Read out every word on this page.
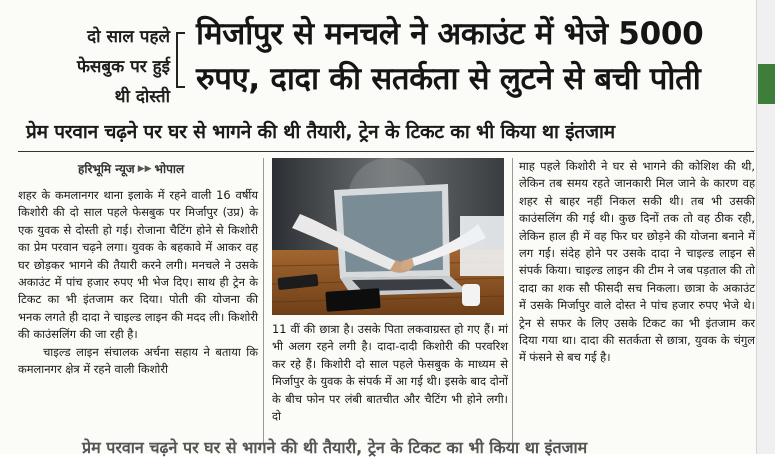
दो साल पहले
फेसबुक पर हुई
थी दोस्ती
मिर्जापुर से मनचले ने अकाउंट में भेजे 5000
रुपए, दादा की सतर्कता से लुटने से बची पोती
प्रेम परवान चढ़ने पर घर से भागने की थी तैयारी, ट्रेन के टिकट का भी किया था इंतजाम
हरिभूमि न्यूज ▶▶ भोपाल

शहर के कमलानगर थाना इलाके में रहने वाली 16 वर्षीय किशोरी की दो साल पहले फेसबुक पर मिर्जापुर (उप्र) के एक युवक से दोस्ती हो गई। रोजाना चैटिंग होने से किशोरी का प्रेम परवान चढ़ने लगा। युवक के बहकावे में आकर वह घर छोड़कर भागने की तैयारी करने लगी। मनचले ने उसके अकाउंट में पांच हजार रुपए भी भेज दिए। साथ ही ट्रेन के टिकट का भी इंतजाम कर दिया। पोती की योजना की भनक लगते ही दादा ने चाइल्ड लाइन की मदद ली। किशोरी की काउंसलिंग की जा रही है।

चाइल्ड लाइन संचालक अर्चना सहाय ने बताया कि कमलानगर क्षेत्र में रहने वाली किशोरी

11 वीं की छात्रा है। उसके पिता लकवाग्रस्त हो गए हैं। मां भी अलग रहने लगी है। दादा-दादी किशोरी की परवरिश कर रहे हैं। किशोरी दो साल पहले फेसबुक के माध्यम से मिर्जापुर के युवक के संपर्क में आ गई थी। इसके बाद दोनों के बीच फोन पर लंबी बातचीत और चैटिंग भी होने लगी। दो

माह पहले किशोरी ने घर से भागने की कोशिश की थी, लेकिन तब समय रहते जानकारी मिल जाने के कारण वह शहर से बाहर नहीं निकल सकी थी। तब भी उसकी काउंसलिंग की गई थी। कुछ दिनों तक तो वह ठीक रही, लेकिन हाल ही में वह फिर घर छोड़ने की योजना बनाने में लग गई। संदेह होने पर उसके दादा ने चाइल्ड लाइन से संपर्क किया। चाइल्ड लाइन की टीम ने जब पड़ताल की तो दादा का शक सौ फीसदी सच निकला। छात्रा के अकाउंट में उसके मिर्जापुर वाले दोस्त ने पांच हजार रुपए भेजे थे। ट्रेन से सफर के लिए उसके टिकट का भी इंतजाम कर दिया गया था। दादा की सतर्कता से छात्रा, युवक के चंगुल में फंसने से बच गई है।

प्रेम परवान चढ़ने पर घर से भागने की थी तैयारी, ट्रेन के टिकट का भी किया था इंतजाम
